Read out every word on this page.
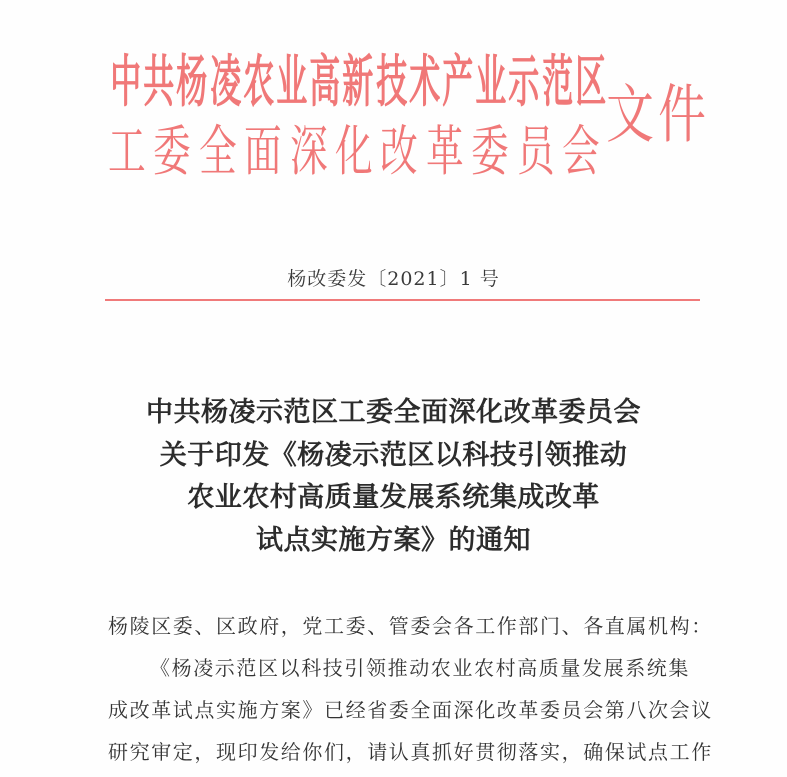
中 共 杨 凌 农 业 高 新 技 术 产 业 示 范 区
工 委 全 面 深 化 改 革 委 员 会 文 件
杨改委发〔2021〕1 号
中共杨凌示范区工委全面深化改革委员会
关于印发《杨凌示范区以科技引领推动
农业农村高质量发展系统集成改革
试点实施方案》的通知

杨陵区委、区政府，党工委、管委会各工作部门、各直属机构：

《杨凌示范区以科技引领推动农业农村高质量发展系统集

成改革试点实施方案》已经省委全面深化改革委员会第八次会议

研究审定，现印发给你们，请认真抓好贯彻落实，确保试点工作
